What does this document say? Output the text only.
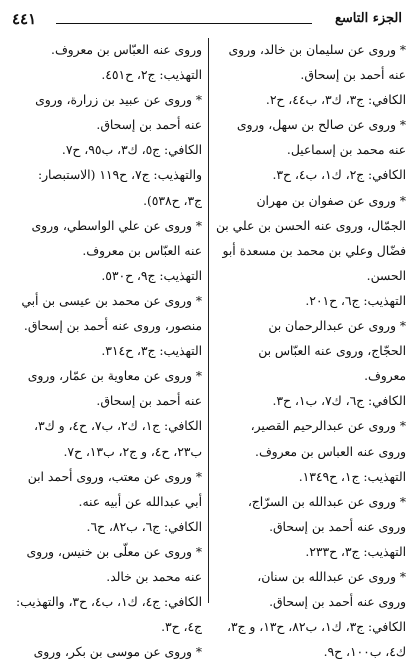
٤٤١	الجزء التاسع
* وروى عن سليمان بن خالد، وروى
عنه أحمد بن إسحاق.
الكافي: ج٣، ك٣، ب٤٤، ح٢.
* وروى عن صالح بن سهل، وروى
عنه محمد بن إسماعيل.
الكافي: ج٢، ك١، ب٤، ح٣.
* وروى عن صفوان بن مهران
الجمّال، وروى عنه الحسن بن علي بن
فضّال وعلي بن محمد بن مسعدة أبو
الحسن.
التهذيب: ج٦، ح٢٠١.
* وروى عن عبدالرحمان بن
الحجّاج، وروى عنه العبّاس بن
معروف.
الكافي: ج٦، ك٧، ب١، ح٣.
* وروى عن عبدالرحيم القصير،
وروى عنه العباس بن معروف.
التهذيب: ج١، ح١٣٤٩.
* وروى عن عبدالله بن السرّاج،
وروى عنه أحمد بن إسحاق.
التهذيب: ج٣، ح٢٣٣.
* وروى عن عبدالله بن سنان،
وروى عنه أحمد بن إسحاق.
الكافي: ج٣، ك١، ب٨٢، ح١٣، و ج٣،
ك٤، ب١٠٠، ح٩.
وروى عنه العبّاس بن معروف.
التهذيب: ج٢، ح٤٥١.
* وروى عن عبيد بن زرارة، وروى
عنه أحمد بن إسحاق.
الكافي: ج٥، ك٣، ب٩٥، ح٧.
والتهذيب: ج٧، ح١١٩ (الاستبصار:
ج٣، ح٥٣٨).
* وروى عن علي الواسطي، وروى
عنه العبّاس بن معروف.
التهذيب: ج٩، ح٥٣٠.
* وروى عن محمد بن عيسى بن أبي
منصور، وروى عنه أحمد بن إسحاق.
التهذيب: ج٣، ح٣١٤.
* وروى عن معاوية بن عمّار، وروى
عنه أحمد بن إسحاق.
الكافي: ج١، ك٢، ب٧، ح٤، و ك٣،
ب٢٣، ح٤، و ج٢، ب١٣، ح٧.
* وروى عن معتب، وروى أحمد ابن
أبي عبدالله عن أبيه عنه.
الكافي: ج٦، ب٨٢، ح٦.
* وروى عن معلّى بن خنيس، وروى
عنه محمد بن خالد.
الكافي: ج٤، ك١، ب٤، ح٣، والتهذيب:
ج٤، ح٣.
* وروى عن موسى بن بكر، وروى
